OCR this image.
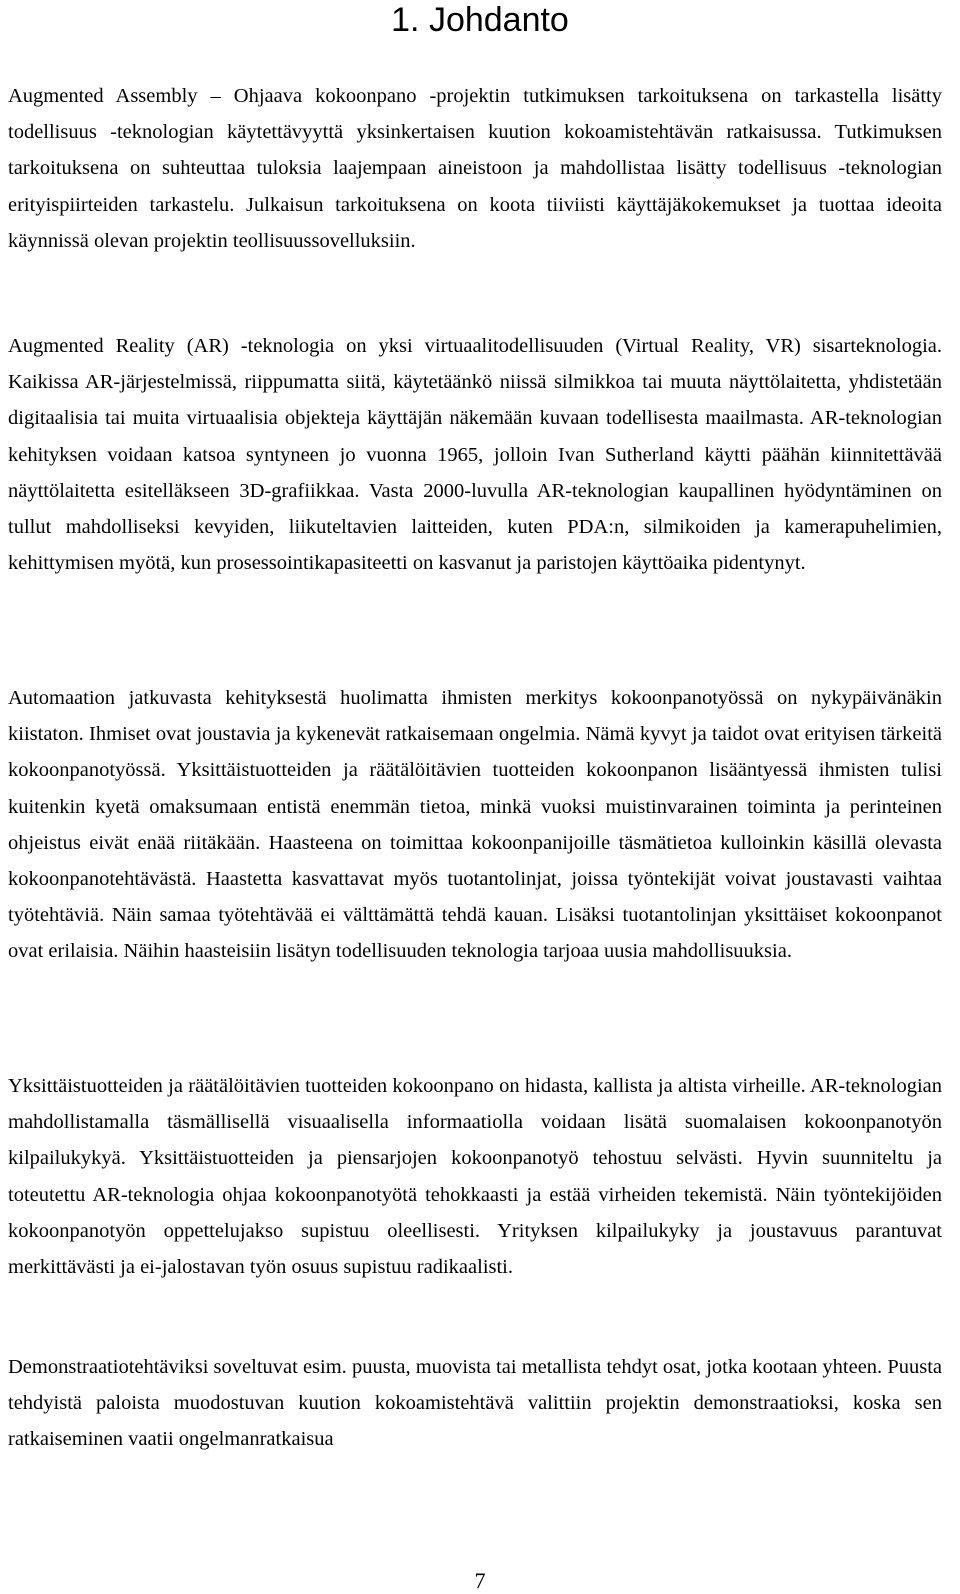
1. Johdanto

Augmented Assembly – Ohjaava kokoonpano -projektin tutkimuksen tarkoituksena on tarkastella lisätty todellisuus -teknologian käytettävyyttä yksinkertaisen kuution kokoamistehtävän ratkaisussa. Tutkimuksen tarkoituksena on suhteuttaa tuloksia laajempaan aineistoon ja mahdollistaa lisätty todellisuus -teknologian erityispiirteiden tarkastelu. Julkaisun tarkoituksena on koota tiiviisti käyttäjäkokemukset ja tuottaa ideoita käynnissä olevan projektin teollisuussovelluksiin.

Augmented Reality (AR) -teknologia on yksi virtuaalitodellisuuden (Virtual Reality, VR) sisarteknologia. Kaikissa AR-järjestelmissä, riippumatta siitä, käytetäänkö niissä silmikkoa tai muuta näyttölaitetta, yhdistetään digitaalisia tai muita virtuaalisia objekteja käyttäjän näkemään kuvaan todellisesta maailmasta. AR-teknologian kehityksen voidaan katsoa syntyneen jo vuonna 1965, jolloin Ivan Sutherland käytti päähän kiinnitettävää näyttölaitetta esitelläkseen 3D-grafiikkaa. Vasta 2000-luvulla AR-teknologian kaupallinen hyödyntäminen on tullut mahdolliseksi kevyiden, liikuteltavien laitteiden, kuten PDA:n, silmikoiden ja kamerapuhelimien, kehittymisen myötä, kun prosessointikapasiteetti on kasvanut ja paristojen käyttöaika pidentynyt.

Automaation jatkuvasta kehityksestä huolimatta ihmisten merkitys kokoonpanotyössä on nykypäivänäkin kiistaton. Ihmiset ovat joustavia ja kykenevät ratkaisemaan ongelmia. Nämä kyvyt ja taidot ovat erityisen tärkeitä kokoonpanotyössä. Yksittäistuotteiden ja räätälöitävien tuotteiden kokoonpanon lisääntyessä ihmisten tulisi kuitenkin kyetä omaksumaan entistä enemmän tietoa, minkä vuoksi muistinvarainen toiminta ja perinteinen ohjeistus eivät enää riitäkään. Haasteena on toimittaa kokoonpanijoille täsmätietoa kulloinkin käsillä olevasta kokoonpanotehtävästä. Haastetta kasvattavat myös tuotantolinjat, joissa työntekijät voivat joustavasti vaihtaa työtehtäviä. Näin samaa työtehtävää ei välttämättä tehdä kauan. Lisäksi tuotantolinjan yksittäiset kokoonpanot ovat erilaisia. Näihin haasteisiin lisätyn todellisuuden teknologia tarjoaa uusia mahdollisuuksia.

Yksittäistuotteiden ja räätälöitävien tuotteiden kokoonpano on hidasta, kallista ja altista virheille. AR-teknologian mahdollistamalla täsmällisellä visuaalisella informaatiolla voidaan lisätä suomalaisen kokoonpanotyön kilpailukykyä. Yksittäistuotteiden ja piensarjojen kokoonpanotyö tehostuu selvästi. Hyvin suunniteltu ja toteutettu AR-teknologia ohjaa kokoonpanotyötä tehokkaasti ja estää virheiden tekemistä. Näin työntekijöiden kokoonpanotyön oppettelujakso supistuu oleellisesti. Yrityksen kilpailukyky ja joustavuus parantuvat merkittävästi ja ei-jalostavan työn osuus supistuu radikaalisti.

Demonstraatiotehtäviksi soveltuvat esim. puusta, muovista tai metallista tehdyt osat, jotka kootaan yhteen. Puusta tehdyistä paloista muodostuvan kuution kokoamistehtävä valittiin projektin demonstraatioksi, koska sen ratkaiseminen vaatii ongelmanratkaisua

7
